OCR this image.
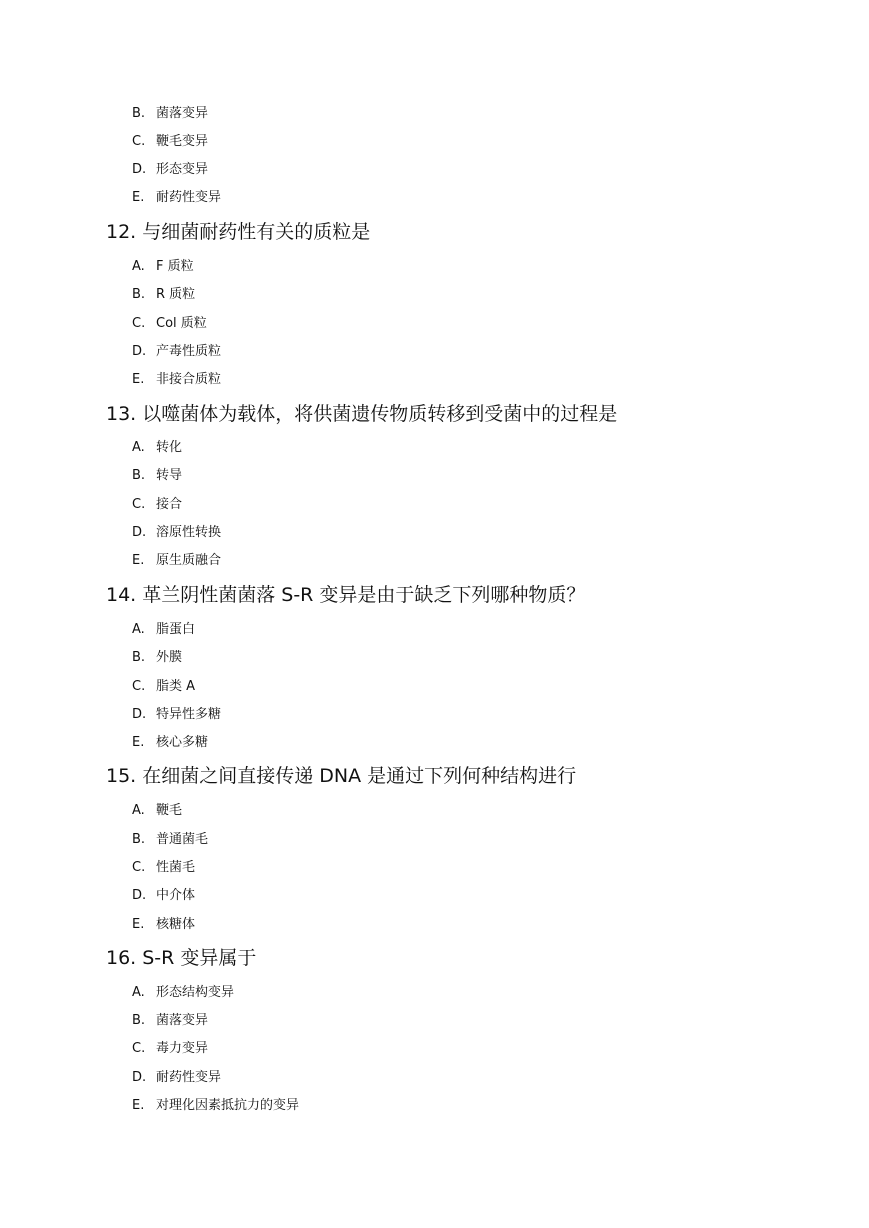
B. 菌落变异
C. 鞭毛变异
D. 形态变异
E. 耐药性变异
12. 与细菌耐药性有关的质粒是
A. F 质粒
B. R 质粒
C. Col 质粒
D. 产毒性质粒
E. 非接合质粒
13. 以噬菌体为载体，将供菌遗传物质转移到受菌中的过程是
A. 转化
B. 转导
C. 接合
D. 溶原性转换
E. 原生质融合
14. 革兰阴性菌菌落 S-R 变异是由于缺乏下列哪种物质？
A. 脂蛋白
B. 外膜
C. 脂类 A
D. 特异性多糖
E. 核心多糖
15. 在细菌之间直接传递 DNA 是通过下列何种结构进行
A. 鞭毛
B. 普通菌毛
C. 性菌毛
D. 中介体
E. 核糖体
16. S-R 变异属于
A. 形态结构变异
B. 菌落变异
C. 毒力变异
D. 耐药性变异
E. 对理化因素抵抗力的变异
